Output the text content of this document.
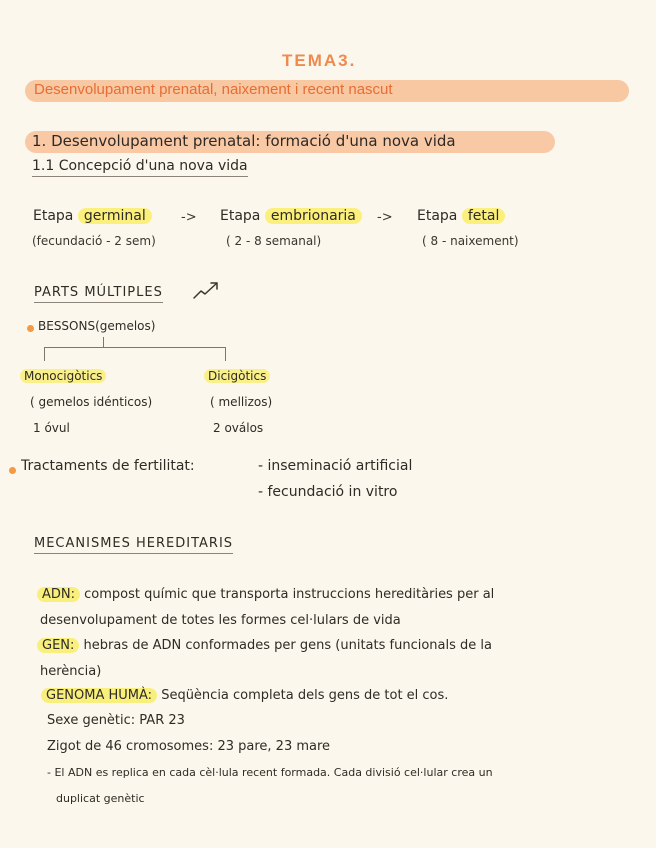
TEMA3.
Desenvolupament prenatal, naixement i recent nascut
1. Desenvolupament prenatal: formació d'una nova vida
1.1 Concepció d'una nova vida
Etapa germinal	-> Etapa embrionaria	-> Etapa fetal
(fecundació - 2 sem)	( 2 - 8 semanal)	( 8 - naixement)
PARTS MÚLTIPLES
BESSONS(gemelos)
Monocigòtics	Dicigòtics
( gemelos idénticos)	( mellizos)
1 óvul	2 oválos
Tractaments de fertilitat:	- inseminació artificial
- fecundació in vitro
MECANISMES HEREDITARIS
ADN: compost químic que transporta instruccions hereditàries per al
desenvolupament de totes les formes cel·lulars de vida
GEN: hebras de ADN conformades per gens (unitats funcionals de la
herència)
GENOMA HUMÀ: Seqüència completa dels gens de tot el cos.
Sexe genètic: PAR 23
Zigot de 46 cromosomes: 23 pare, 23 mare
- El ADN es replica en cada cèl·lula recent formada. Cada divisió cel·lular crea un
duplicat genètic
